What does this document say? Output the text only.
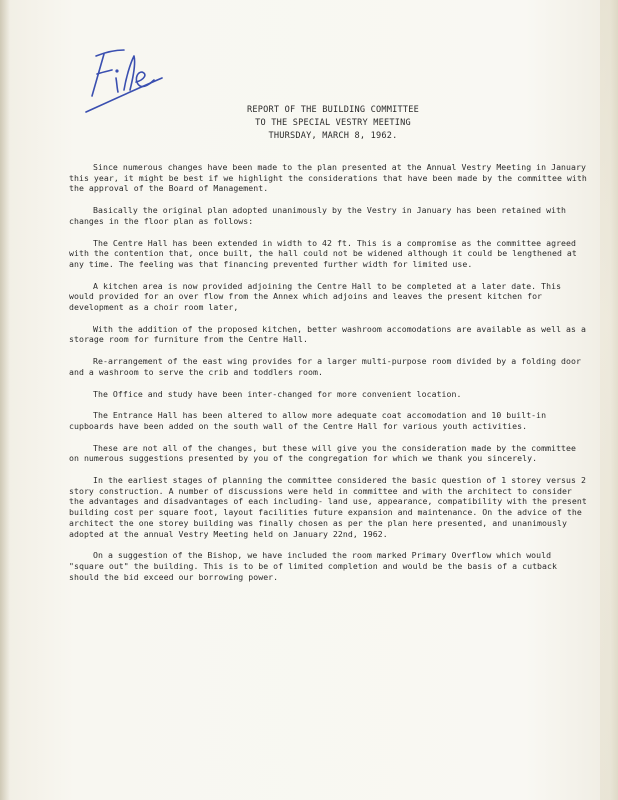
REPORT OF THE BUILDING COMMITTEE
TO THE SPECIAL VESTRY MEETING
THURSDAY, MARCH 8, 1962.

Since numerous changes have been made to the plan presented at the Annual Vestry Meeting in January this year, it might be best if we highlight the considerations that have been made by the committee with the approval of the Board of Management.

Basically the original plan adopted unanimously by the Vestry in January has been retained with changes in the floor plan as follows:

The Centre Hall has been extended in width to 42 ft. This is a compromise as the committee agreed with the contention that, once built, the hall could not be widened although it could be lengthened at any time. The feeling was that financing prevented further width for limited use.

A kitchen area is now provided adjoining the Centre Hall to be completed at a later date. This would provided for an over flow from the Annex which adjoins and leaves the present kitchen for development as a choir room later,

With the addition of the proposed kitchen, better washroom accomodations are available as well as a storage room for furniture from the Centre Hall.

Re-arrangement of the east wing provides for a larger multi-purpose room divided by a folding door and a washroom to serve the crib and toddlers room.

The Office and study have been inter-changed for more convenient location.

The Entrance Hall has been altered to allow more adequate coat accomodation and 10 built-in cupboards have been added on the south wall of the Centre Hall for various youth activities.

These are not all of the changes, but these will give you the consideration made by the committee on numerous suggestions presented by you of the congregation for which we thank you sincerely.

In the earliest stages of planning the committee considered the basic question of 1 storey versus 2 story construction. A number of discussions were held in committee and with the architect to consider the advantages and disadvantages of each including- land use, appearance, compatibility with the present building cost per square foot, layout facilities future expansion and maintenance. On the advice of the architect the one storey building was finally chosen as per the plan here presented, and unanimously adopted at the annual Vestry Meeting held on January 22nd, 1962.

On a suggestion of the Bishop, we have included the room marked Primary Overflow which would "square out" the building. This is to be of limited completion and would be the basis of a cutback should the bid exceed our borrowing power.
